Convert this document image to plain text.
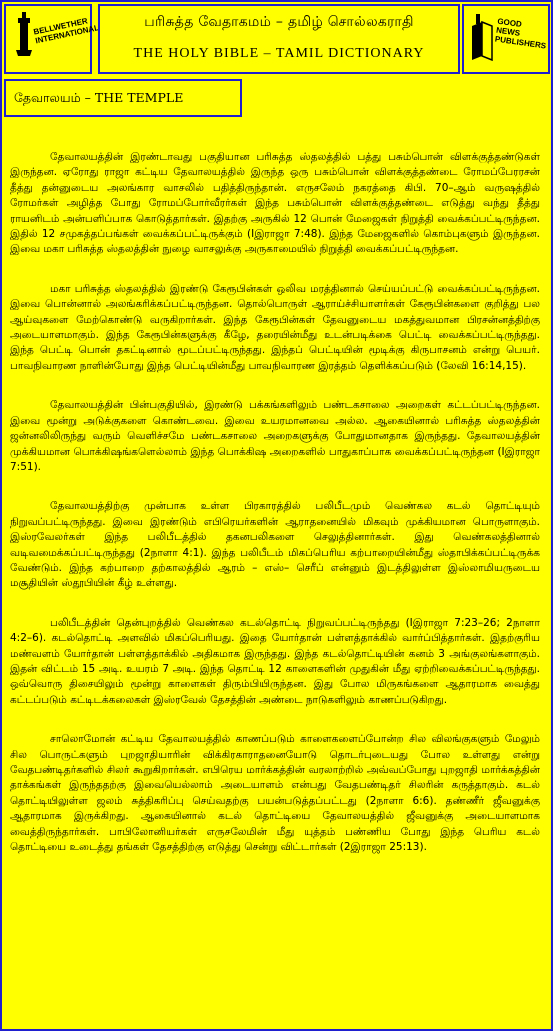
BELLWETHER INTERNATIONAL
பரிசுத்த வேதாகமம் – தமிழ் சொல்லகராதி
THE HOLY BIBLE – TAMIL DICTIONARY
GOOD NEWS PUBLISHERS
தேவாலயம் – THE TEMPLE

தேவாலயத்தின் இரண்டாவது பகுதியான பரிசுத்த ஸ்தலத்தில் பத்து பசும்பொன் விளக்குத்தண்டுகள் இருந்தன. ஏரோது ராஜா கட்டிய தேவாலயத்தில் இருந்த ஒரு பசும்பொன் விளக்குத்தண்டை ரோமப்பேரரசன் தீத்து தன்னுடைய அலங்கார வாசலில் பதித்திருந்தான். எருசலேம் நகரத்தை கிபி. 70–ஆம் வருஷத்தில் ரோமர்கள் அழித்த போது ரோமப்போர்வீரர்கள் இந்த பசும்பொன் விளக்குத்தண்டை எடுத்து வந்து தீத்து ராயனிடம் அன்பளிப்பாக கொடுத்தார்கள். இதற்கு அருகில் 12 பொன் மேஜைகள் நிறுத்தி வைக்கப்பட்டிருந்தன. இதில் 12 சமுகத்தப்பங்கள் வைக்கப்பட்டிருக்கும் (Iஇராஜா 7:48). இந்த மேஜைகளில் கொம்புகளும் இருந்தன. இவை மகா பரிசுத்த ஸ்தலத்தின் நுழை வாசலுக்கு அருகாமையில் நிறுத்தி வைக்கப்பட்டிருந்தன.

மகா பரிசுத்த ஸ்தலத்தில் இரண்டு கேரூபின்கள் ஒலிவ மரத்தினால் செய்யப்பட்டு வைக்கப்பட்டிருந்தன. இவை பொன்னால் அலங்கரிக்கப்பட்டிருந்தன. தொல்பொருள் ஆராய்ச்சியாளர்கள் கேரூபின்களை குறித்து பல ஆய்வுகளை மேற்கொண்டு வருகிறார்கள். இந்த கேரூபின்கள் தேவனுடைய மகத்துவமான பிரசன்னத்திற்கு அடையாளமாகும். இந்த கேரூபின்களுக்கு கீழே, தரையின்மீது உடன்படிக்கை பெட்டி வைக்கப்பட்டிருந்தது. இந்த பெட்டி பொன் தகட்டினால் மூடப்பட்டிருந்தது. இந்தப் பெட்டியின் மூடிக்கு கிருபாசனம் என்று பெயர். பாவநிவாரண நாளின்போது இந்த பெட்டியின்மீது பாவநிவாரண இரத்தம் தெளிக்கப்படும் (லேவி 16:14,15).

தேவாலயத்தின் பின்பகுதியில், இரண்டு பக்கங்களிலும் பண்டகசாலை அறைகள் கட்டப்பட்டிருந்தன. இவை மூன்று அடுக்குகளை கொண்டவை. இவை உயரமானவை அல்ல. ஆகையினால் பரிசுத்த ஸ்தலத்தின் ஜன்னலிலிருந்து வரும் வெளிச்சமே பண்டகசாலை அறைகளுக்கு போதுமானதாக இருந்தது. தேவாலயத்தின் முக்கியமான பொக்கிஷங்களெல்லாம் இந்த பொக்கிஷ அறைகளில் பாதுகாப்பாக வைக்கப்பட்டிருந்தன (Iஇராஜா 7:51).

தேவாலயத்திற்கு முன்பாக உள்ள பிரகாரத்தில் பலிபீடமும் வெண்கல கடல் தொட்டியும் நிறுவப்பட்டிருந்தது. இவை இரண்டும் எபிரெயர்களின் ஆராதனையில் மிகவும் முக்கியமான பொருளாகும். இஸ்ரவேலர்கள் இந்த பலிபீடத்தில் தகனபலிகளை செலுத்தினார்கள். இது வெண்கலத்தினால் வடிவமைக்கப்பட்டிருந்தது (2நாளா 4:1). இந்த பலிபீடம் மிகப்பெரிய கற்பாறையின்மீது ஸ்தாபிக்கப்பட்டிருக்க வேண்டும். இந்த கற்பாறை தற்காலத்தில் ஆரம் – எஸ்– செரீப் என்னும் இடத்திலுள்ள இஸ்லாமியருடைய மசூதியின் ஸ்தூபியின் கீழ் உள்ளது.

பலிபீடத்தின் தென்புறத்தில் வெண்கல கடல்தொட்டி நிறுவப்பட்டிருந்தது (Iஇராஜா 7:23–26; 2நாளா 4:2–6). கடல்தொட்டி அளவில் மிகப்பெரியது. இதை யோர்தான் பள்ளத்தாக்கில் வார்ப்பித்தார்கள். இதற்குரிய மண்வளம் யோர்தான் பள்ளத்தாக்கில் அதிகமாக இருந்தது. இந்த கடல்தொட்டியின் கனம் 3 அங்குலங்களாகும். இதன் விட்டம் 15 அடி. உயரம் 7 அடி. இந்த தொட்டி 12 காளைகளின் முதுகின் மீது ஏற்றிவைக்கப்பட்டிருந்தது. ஒவ்வொரு திசையிலும் மூன்று காளைகள் திரும்பியிருந்தன. இது போல மிருகங்களை ஆதாரமாக வைத்து கட்டப்படும் கட்டிடக்கலைகள் இஸ்ரவேல் தேசத்தின் அண்டை நாடுகளிலும் காணப்படுகிறது.

சாலொமோன் கட்டிய தேவாலயத்தில் காணப்படும் காளைகளைப்போன்ற சில விலங்குகளும் மேலும் சில பொருட்களும் புறஜாதியாரின் விக்கிரகாராதனையோடு தொடர்புடையது போல உள்ளது என்று வேதபண்டிதர்களில் சிலர் கூறுகிறார்கள். எபிரெய மார்க்கத்தின் வரலாற்றில் அவ்வப்போது புறஜாதி மார்க்கத்தின் தாக்கங்கள் இருந்ததற்கு இவையெல்லாம் அடையாளம் என்பது வேதபண்டிதர் சிலரின் கருத்தாகும். கடல் தொட்டியிலுள்ள ஜலம் சுத்திகரிப்பு செய்வதற்கு பயன்படுத்தப்பட்டது (2நாளா 6:6). தண்ணீர் ஜீவனுக்கு ஆதாரமாக இருக்கிறது. ஆகையினால் கடல் தொட்டியை தேவாலயத்தில் ஜீவனுக்கு அடையாளமாக வைத்திருந்தார்கள். பாபிலோனியர்கள் எருசலேமின் மீது யுத்தம் பண்ணிய போது இந்த பெரிய கடல் தொட்டியை உடைத்து தங்கள் தேசத்திற்கு எடுத்து சென்று விட்டார்கள் (2இராஜா 25:13).
